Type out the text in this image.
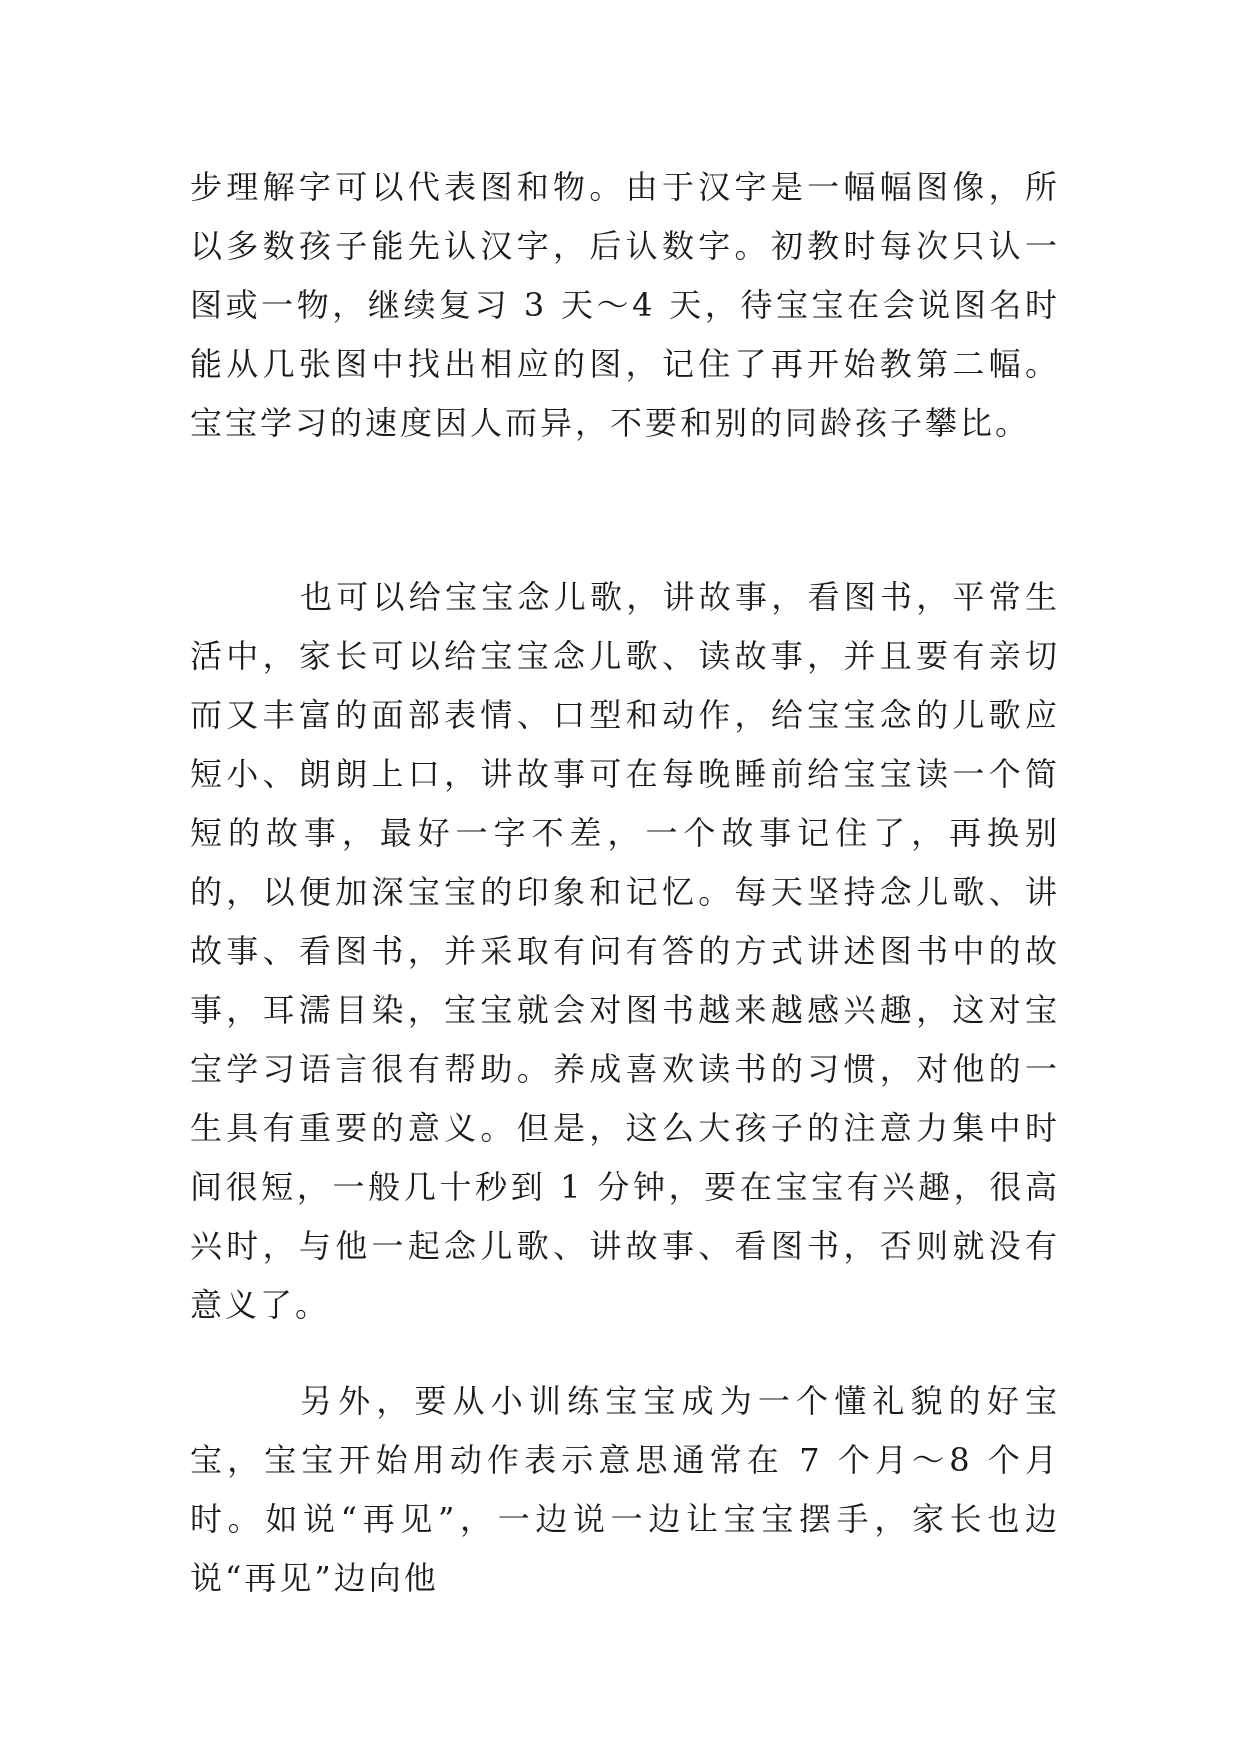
步理解字可以代表图和物。由于汉字是一幅幅图像，所以多数孩子能先认汉字，后认数字。初教时每次只认一图或一物，继续复习 3 天～4 天，待宝宝在会说图名时能从几张图中找出相应的图，记住了再开始教第二幅。宝宝学习的速度因人而异，不要和别的同龄孩子攀比。

也可以给宝宝念儿歌，讲故事，看图书，平常生活中，家长可以给宝宝念儿歌、读故事，并且要有亲切而又丰富的面部表情、口型和动作，给宝宝念的儿歌应短小、朗朗上口，讲故事可在每晚睡前给宝宝读一个简短的故事，最好一字不差，一个故事记住了，再换别的，以便加深宝宝的印象和记忆。每天坚持念儿歌、讲故事、看图书，并采取有问有答的方式讲述图书中的故事，耳濡目染，宝宝就会对图书越来越感兴趣，这对宝宝学习语言很有帮助。养成喜欢读书的习惯，对他的一生具有重要的意义。但是，这么大孩子的注意力集中时间很短，一般几十秒到 1 分钟，要在宝宝有兴趣，很高兴时，与他一起念儿歌、讲故事、看图书，否则就没有意义了。

另外，要从小训练宝宝成为一个懂礼貌的好宝宝，宝宝开始用动作表示意思通常在 7 个月～8 个月时。如说“再见”，一边说一边让宝宝摆手，家长也边说“再见”边向他
